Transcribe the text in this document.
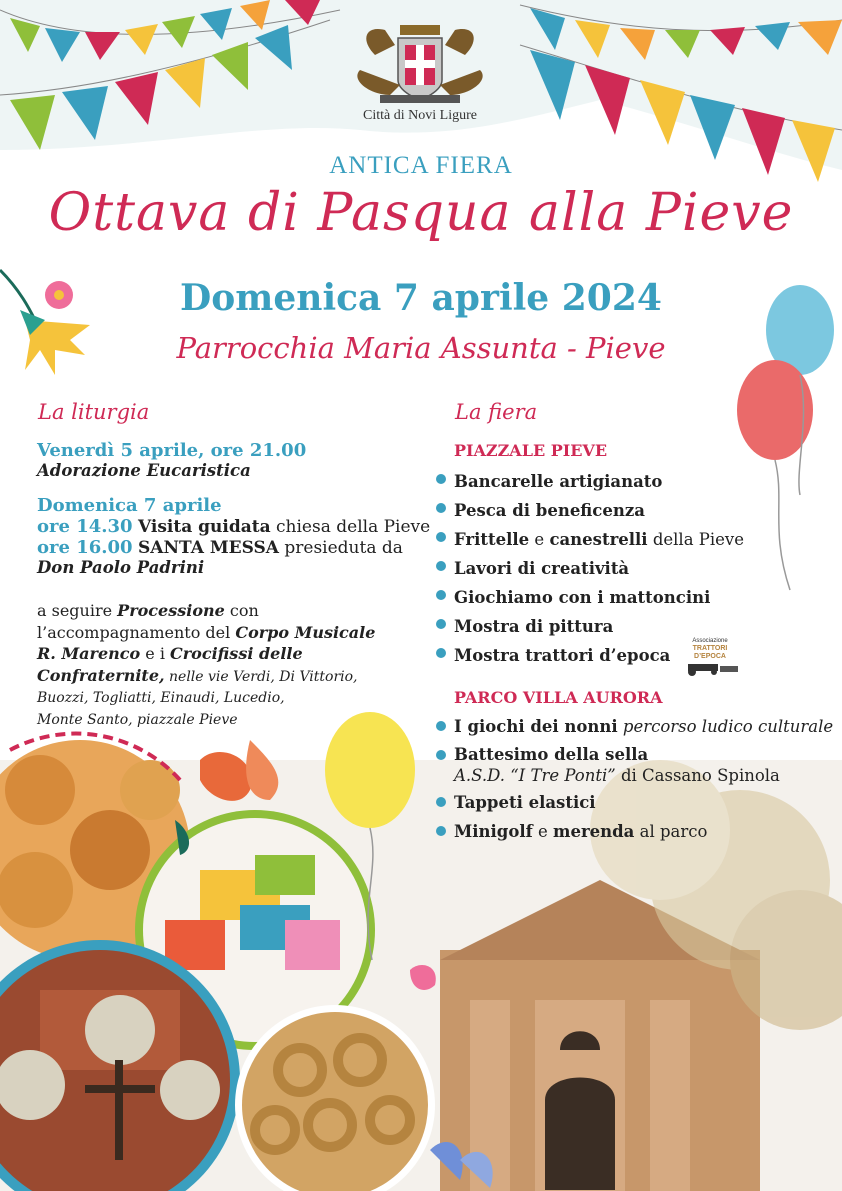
Città di Novi Ligure
ANTICA FIERA
Ottava di Pasqua alla Pieve
Domenica 7 aprile 2024
Parrocchia Maria Assunta - Pieve
La liturgia
Venerdì 5 aprile, ore 21.00
Adorazione Eucaristica
Domenica 7 aprile
ore 14.30 Visita guidata chiesa della Pieve
ore 16.00 SANTA MESSA presieduta da
Don Paolo Padrini
a seguire Processione con
l’accompagnamento del Corpo Musicale
R. Marenco e i Crocifissi delle
Confraternite, nelle vie Verdi, Di Vittorio,
Buozzi, Togliatti, Einaudi, Lucedio,
Monte Santo, piazzale Pieve
La fiera
PIAZZALE PIEVE
Bancarelle artigianato
Pesca di beneficenza
Frittelle e canestrelli della Pieve
Lavori di creatività
Giochiamo con i mattoncini
Mostra di pittura
Mostra trattori d’epoca
Associazione
TRATTORI D’EPOCA
PARCO VILLA AURORA
I giochi dei nonni percorso ludico culturale
Battesimo della sella
A.S.D. “I Tre Ponti” di Cassano Spinola
Tappeti elastici
Minigolf e merenda al parco
